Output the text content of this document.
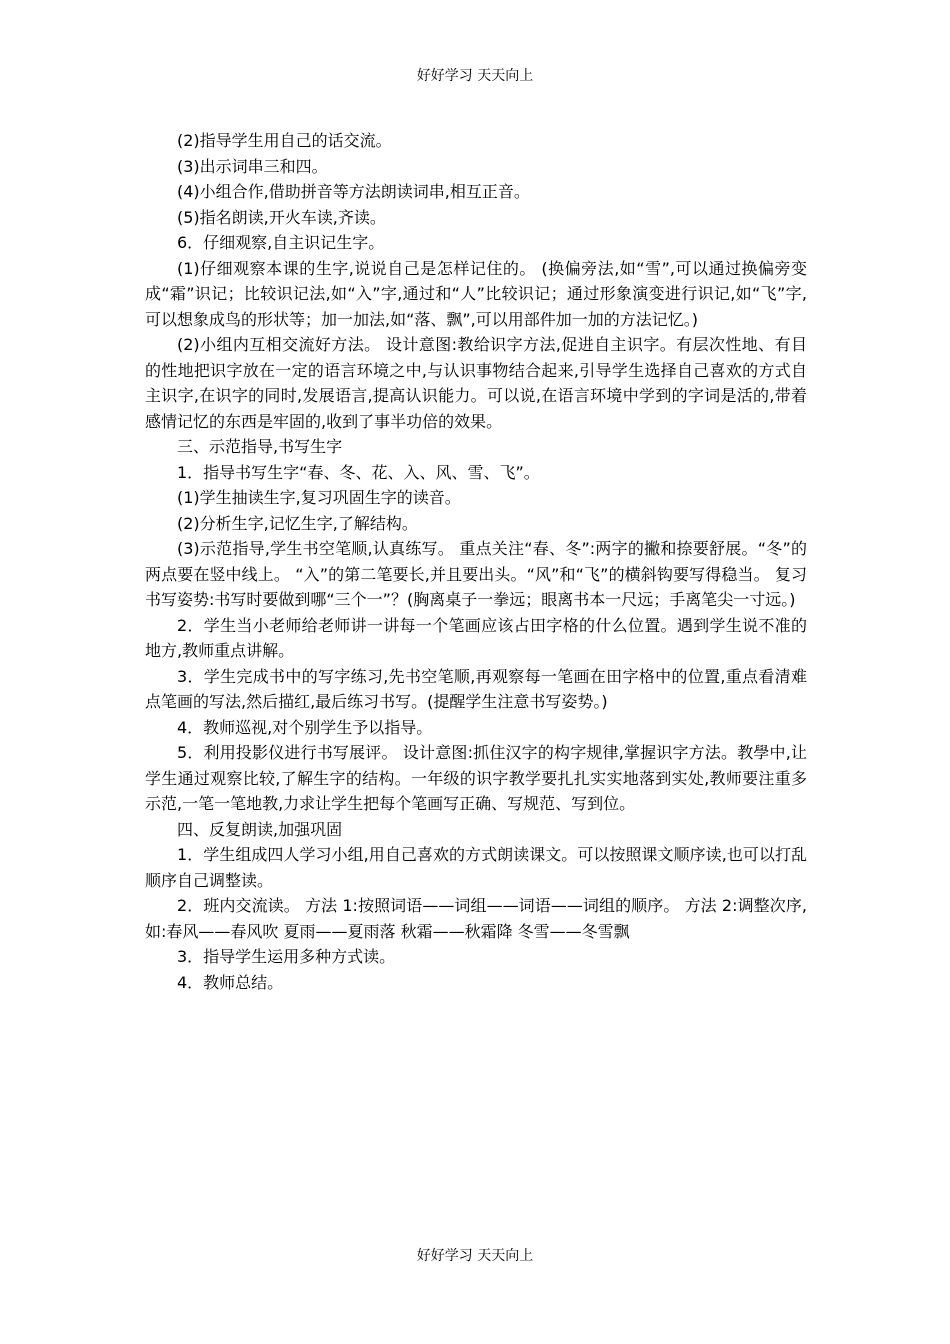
好好学习 天天向上

(2)指导学生用自己的话交流。

(3)出示词串三和四。

(4)小组合作,借助拼音等方法朗读词串,相互正音。

(5)指名朗读,开火车读,齐读。

6．仔细观察,自主识记生字。

(1)仔细观察本课的生字,说说自己是怎样记住的。 (换偏旁法,如“雪”,可以通过换偏旁变成“霜”识记；比较识记法,如“入”字,通过和“人”比较识记；通过形象演变进行识记,如“飞”字,可以想象成鸟的形状等；加一加法,如“落、飘”,可以用部件加一加的方法记忆。)

(2)小组内互相交流好方法。 设计意图:教给识字方法,促进自主识字。有层次性地、有目的性地把识字放在一定的语言环境之中,与认识事物结合起来,引导学生选择自己喜欢的方式自主识字,在识字的同时,发展语言,提高认识能力。可以说,在语言环境中学到的字词是活的,带着感情记忆的东西是牢固的,收到了事半功倍的效果。

三、示范指导,书写生字

1．指导书写生字“春、冬、花、入、风、雪、飞”。

(1)学生抽读生字,复习巩固生字的读音。

(2)分析生字,记忆生字,了解结构。

(3)示范指导,学生书空笔顺,认真练写。 重点关注“春、冬”:两字的撇和捺要舒展。“冬”的两点要在竖中线上。 “入”的第二笔要长,并且要出头。“风”和“飞”的横斜钩要写得稳当。 复习书写姿势:书写时要做到哪“三个一”？(胸离桌子一拳远；眼离书本一尺远；手离笔尖一寸远。)

2．学生当小老师给老师讲一讲每一个笔画应该占田字格的什么位置。遇到学生说不准的地方,教师重点讲解。

3．学生完成书中的写字练习,先书空笔顺,再观察每一笔画在田字格中的位置,重点看清难点笔画的写法,然后描红,最后练习书写。(提醒学生注意书写姿势。)

4．教师巡视,对个别学生予以指导。

5．利用投影仪进行书写展评。 设计意图:抓住汉字的构字规律,掌握识字方法。教學中,让学生通过观察比较,了解生字的结构。一年级的识字教学要扎扎实实地落到实处,教师要注重多示范,一笔一笔地教,力求让学生把每个笔画写正确、写规范、写到位。

四、反复朗读,加强巩固

1．学生组成四人学习小组,用自己喜欢的方式朗读课文。可以按照课文顺序读,也可以打乱顺序自己调整读。

2．班内交流读。 方法 1:按照词语——词组——词语——词组的顺序。 方法 2:调整次序,如:春风——春风吹 夏雨——夏雨落 秋霜——秋霜降 冬雪——冬雪飘

3．指导学生运用多种方式读。

4．教师总结。

好好学习 天天向上
